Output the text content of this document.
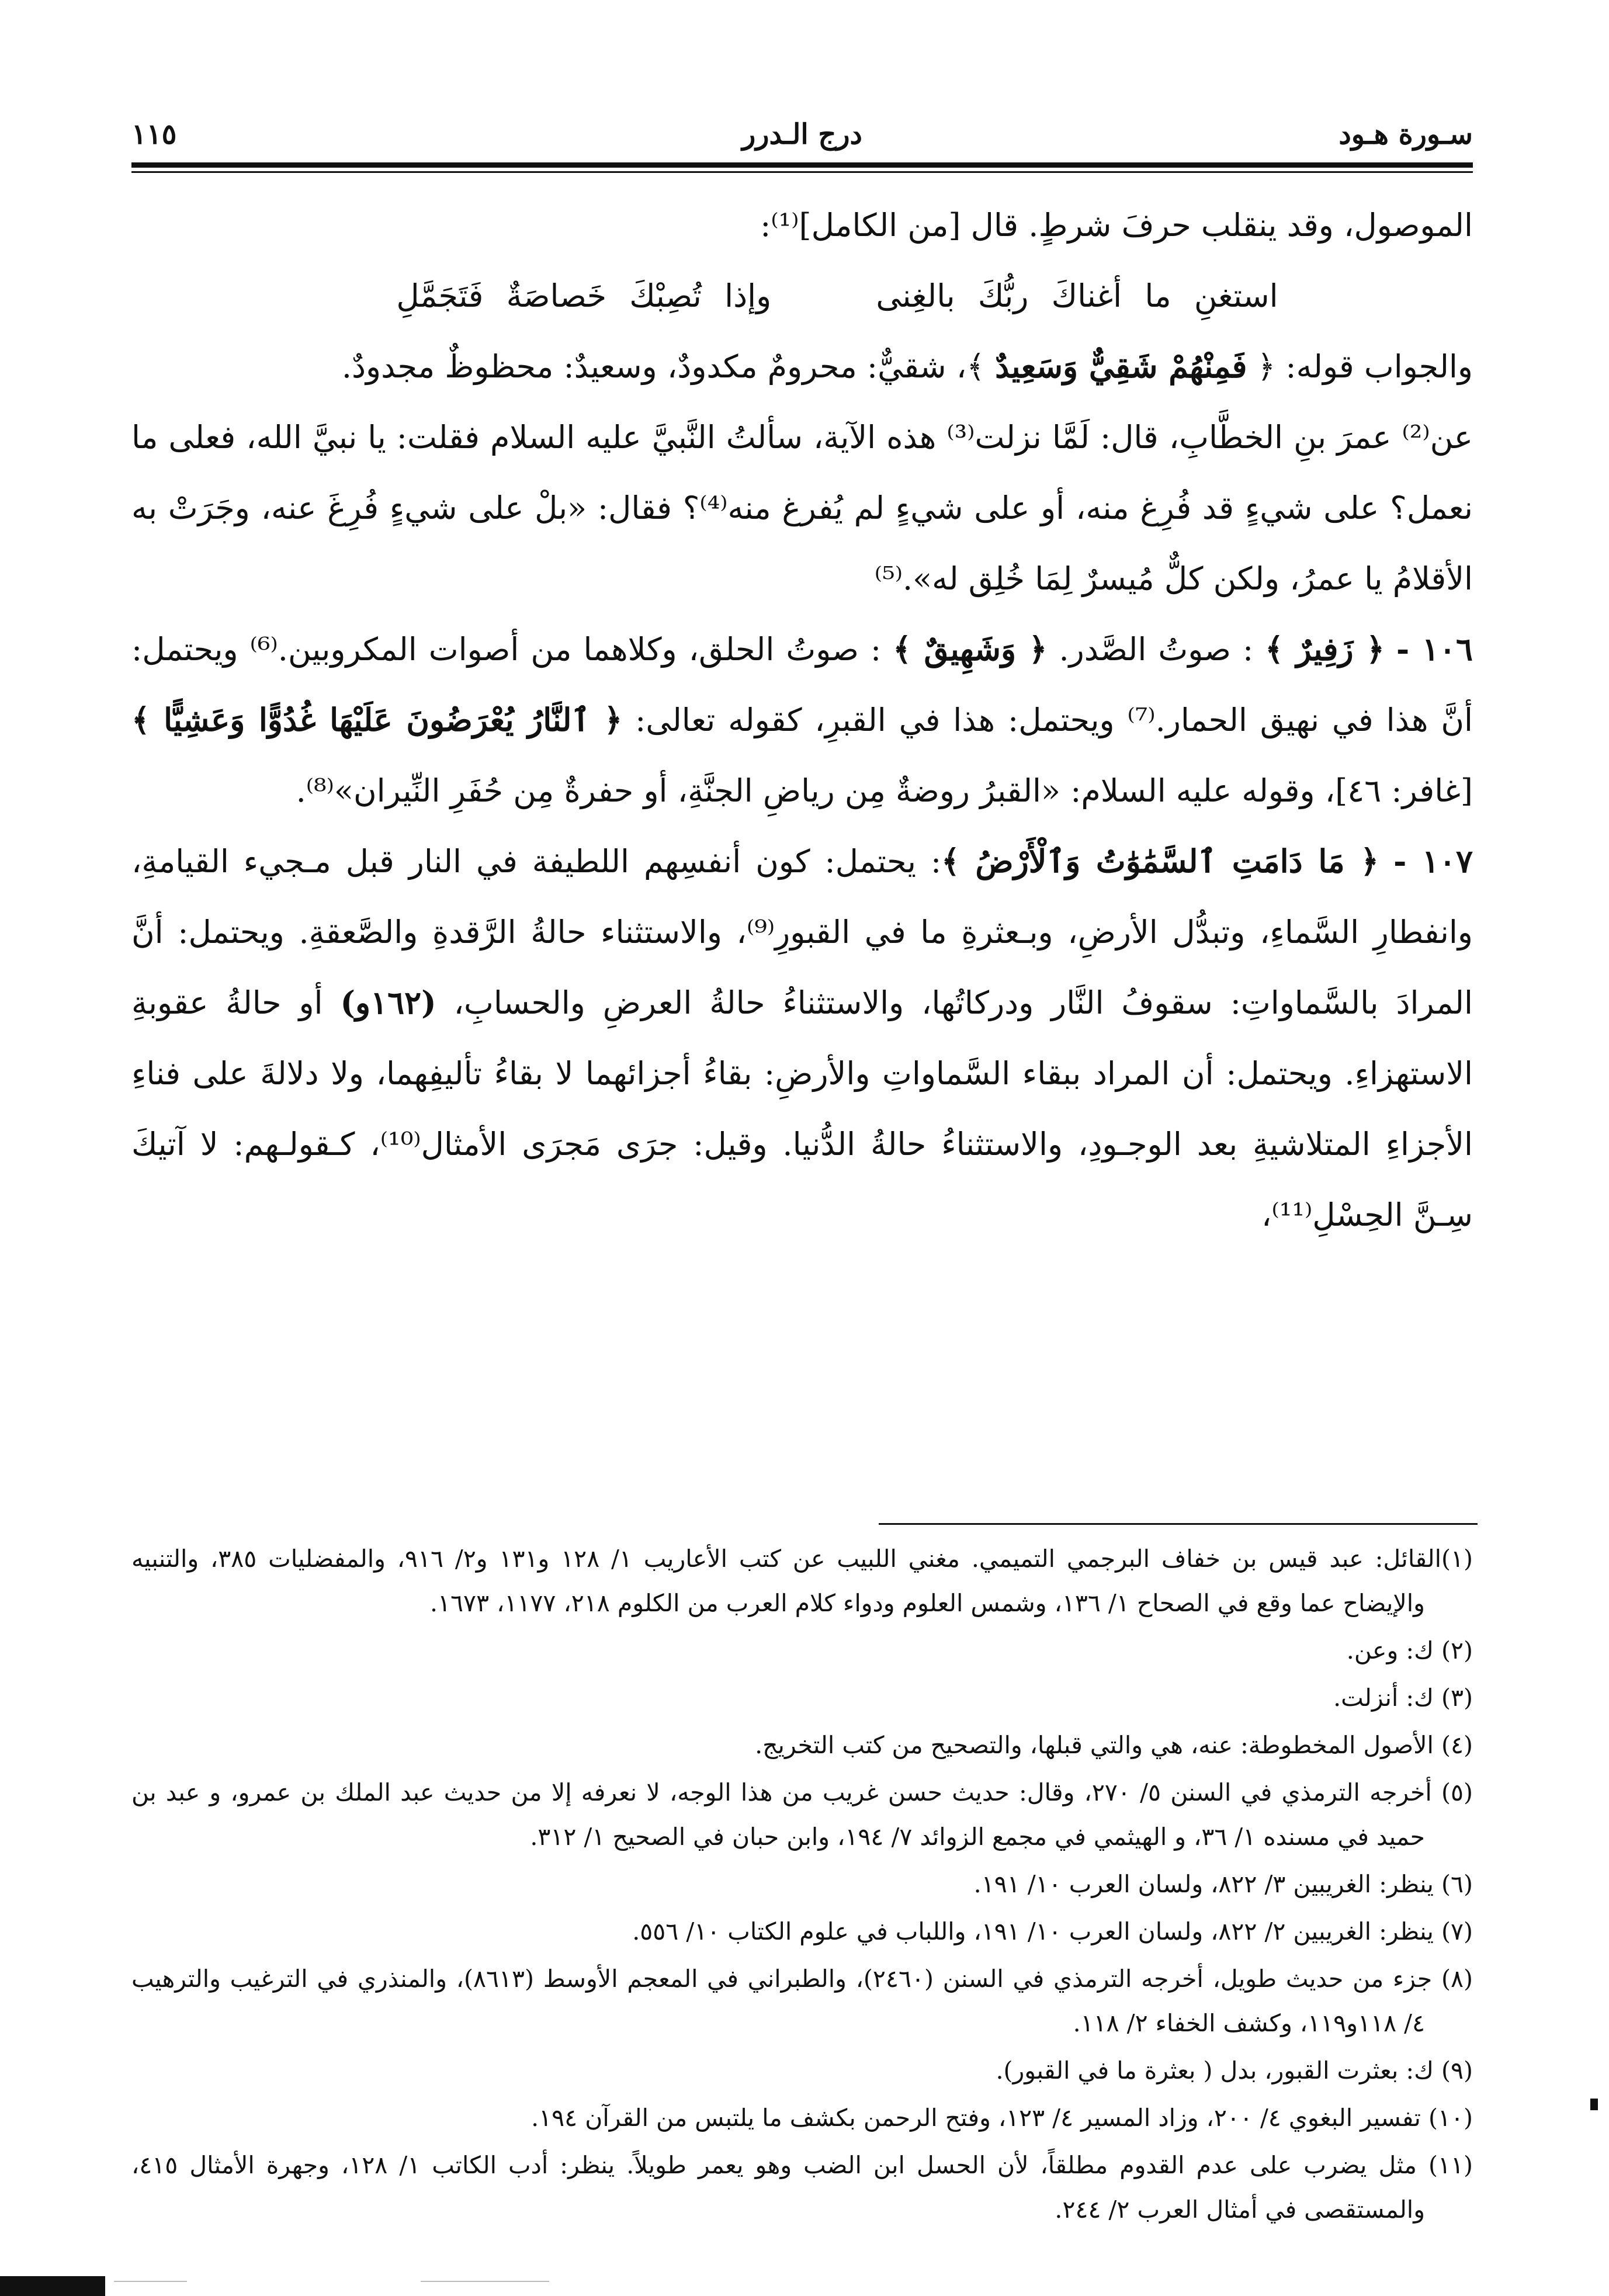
سـورة هـود
درج الـدرر
١١٥

الموصول، وقد ينقلب حرفَ شرطٍ. قال [من الكامل]⁽¹⁾:

استغنِ ما أغناكَ ربُّكَ بالغِنى وإذا تُصِبْكَ خَصاصَةٌ فَتَجَمَّلِ

والجواب قوله: ﴿ فَمِنْهُمْ شَقِيٌّ وَسَعِيدٌ ﴾، شقيٌّ: محرومٌ مكدودٌ، وسعيدٌ: محظوظٌ مجدودٌ.

عن⁽²⁾ عمرَ بنِ الخطَّابِ، قال: لَمَّا نزلت⁽³⁾ هذه الآية، سألتُ النَّبيَّ عليه السلام فقلت: يا نبيَّ الله، فعلى ما نعمل؟ على شيءٍ قد فُرِغ منه، أو على شيءٍ لم يُفرغ منه⁽⁴⁾؟ فقال: «بلْ على شيءٍ فُرِغَ عنه، وجَرَتْ به الأقلامُ يا عمرُ، ولكن كلٌّ مُيسرٌ لِمَا خُلِق له».⁽⁵⁾

١٠٦ - ﴿ زَفِيرٌ ﴾ : صوتُ الصَّدر. ﴿ وَشَهِيقٌ ﴾ : صوتُ الحلق، وكلاهما من أصوات المكروبين.⁽⁶⁾ ويحتمل: أنَّ هذا في نهيق الحمار.⁽⁷⁾ ويحتمل: هذا في القبرِ، كقوله تعالى: ﴿ ٱلنَّارُ يُعْرَضُونَ عَلَيْهَا غُدُوًّا وَعَشِيًّا ﴾ [غافر: ٤٦]، وقوله عليه السلام: «القبرُ روضةٌ مِن رياضِ الجنَّةِ، أو حفرةٌ مِن حُفَرِ النِّيران»⁽⁸⁾.

١٠٧ - ﴿ مَا دَامَتِ ٱلسَّمَٰوَٰتُ وَٱلْأَرْضُ ﴾: يحتمل: كون أنفسِهم اللطيفة في النار قبل مـجيء القيامةِ، وانفطارِ السَّماءِ، وتبدُّل الأرضِ، وبـعثرةِ ما في القبورِ⁽⁹⁾، والاستثناء حالةُ الرَّقدةِ والصَّعقةِ. ويحتمل: أنَّ المرادَ بالسَّماواتِ: سقوفُ النَّار ودركاتُها، والاستثناءُ حالةُ العرضِ والحسابِ، (١٦٢و) أو حالةُ عقوبةِ الاستهزاءِ. ويحتمل: أن المراد ببقاء السَّماواتِ والأرضِ: بقاءُ أجزائهما لا بقاءُ تأليفِهما، ولا دلالةَ على فناءِ الأجزاءِ المتلاشيةِ بعد الوجـودِ، والاستثناءُ حالةُ الدُّنيا. وقيل: جرَى مَجرَى الأمثال⁽¹⁰⁾، كـقولـهم: لا آتيكَ سِـنَّ الحِسْلِ⁽¹¹⁾،

(١)القائل: عبد قيس بن خفاف البرجمي التميمي. مغني اللبيب عن كتب الأعاريب ١/ ١٢٨ و١٣١ و٢/ ٩١٦، والمفضليات ٣٨٥، والتنبيه والإيضاح عما وقع في الصحاح ١/ ١٣٦، وشمس العلوم ودواء كلام العرب من الكلوم ٢١٨، ١١٧٧، ١٦٧٣.

(٢) ك: وعن.

(٣) ك: أنزلت.

(٤) الأصول المخطوطة: عنه، هي والتي قبلها، والتصحيح من كتب التخريج.

(٥) أخرجه الترمذي في السنن ٥/ ٢٧٠، وقال: حديث حسن غريب من هذا الوجه، لا نعرفه إلا من حديث عبد الملك بن عمرو، و عبد بن حميد في مسنده ١/ ٣٦، و الهيثمي في مجمع الزوائد ٧/ ١٩٤، وابن حبان في الصحيح ١/ ٣١٢.

(٦) ينظر: الغريبين ٣/ ٨٢٢، ولسان العرب ١٠/ ١٩١.

(٧) ينظر: الغريبين ٢/ ٨٢٢، ولسان العرب ١٠/ ١٩١، واللباب في علوم الكتاب ١٠/ ٥٥٦.

(٨) جزء من حديث طويل، أخرجه الترمذي في السنن (٢٤٦٠)، والطبراني في المعجم الأوسط (٨٦١٣)، والمنذري في الترغيب والترهيب ٤/ ١١٨و١١٩، وكشف الخفاء ٢/ ١١٨.

(٩) ك: بعثرت القبور، بدل ( بعثرة ما في القبور).

(١٠) تفسير البغوي ٤/ ٢٠٠، وزاد المسير ٤/ ١٢٣، وفتح الرحمن بكشف ما يلتبس من القرآن ١٩٤.

(١١) مثل يضرب على عدم القدوم مطلقاً، لأن الحسل ابن الضب وهو يعمر طويلاً. ينظر: أدب الكاتب ١/ ١٢٨، وجهرة الأمثال ٤١٥، والمستقصى في أمثال العرب ٢/ ٢٤٤.
